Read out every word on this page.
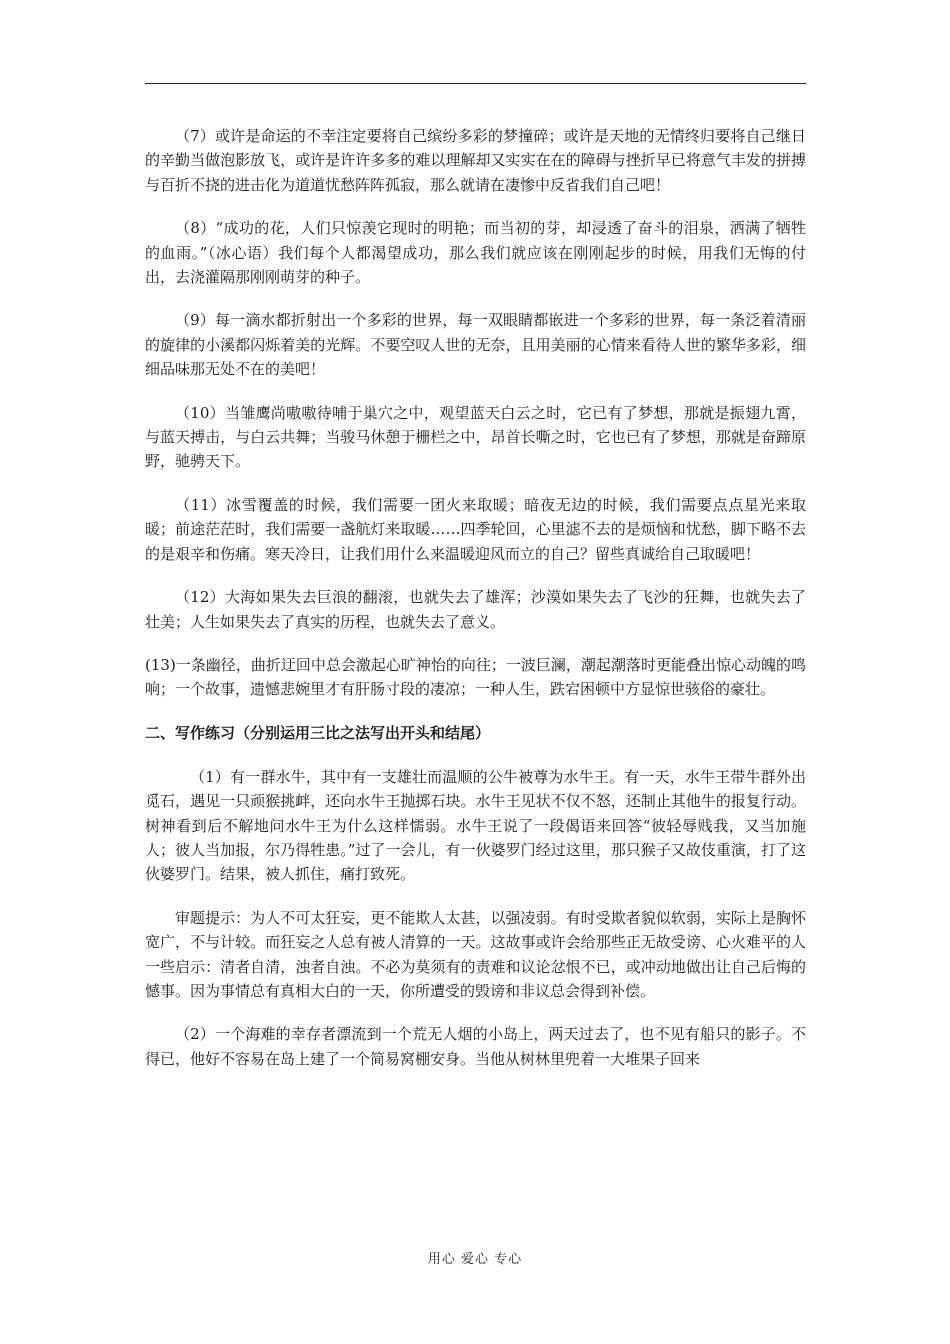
（7）或许是命运的不幸注定要将自己缤纷多彩的梦撞碎；或许是天地的无情终归要将自己继日的辛勤当做泡影放飞，或许是许许多多的难以理解却又实实在在的障碍与挫折早已将意气丰发的拼搏与百折不挠的进击化为道道忧愁阵阵孤寂，那么就请在凄惨中反省我们自己吧！

（8）“成功的花，人们只惊羡它现时的明艳；而当初的芽，却浸透了奋斗的泪泉，洒满了牺牲的血雨。”（冰心语）我们每个人都渴望成功，那么我们就应该在刚刚起步的时候，用我们无悔的付出，去浇灌隔那刚刚萌芽的种子。

（9）每一滴水都折射出一个多彩的世界，每一双眼睛都嵌进一个多彩的世界，每一条泛着清丽的旋律的小溪都闪烁着美的光辉。不要空叹人世的无奈，且用美丽的心情来看待人世的繁华多彩，细细品味那无处不在的美吧！

（10）当雏鹰尚嗷嗷待哺于巢穴之中，观望蓝天白云之时，它已有了梦想，那就是振翅九霄，与蓝天搏击，与白云共舞；当骏马休憩于栅栏之中，昂首长嘶之时，它也已有了梦想，那就是奋蹄原野，驰骋天下。

（11）冰雪覆盖的时候，我们需要一团火来取暖；暗夜无边的时候，我们需要点点星光来取暖；前途茫茫时，我们需要一盏航灯来取暖……四季轮回，心里滤不去的是烦恼和忧愁，脚下略不去的是艰辛和伤痛。寒天冷日，让我们用什么来温暖迎风而立的自己？留些真诚给自己取暖吧！

（12）大海如果失去巨浪的翻滚，也就失去了雄浑；沙漠如果失去了飞沙的狂舞，也就失去了壮美；人生如果失去了真实的历程，也就失去了意义。

(13)一条幽径，曲折迂回中总会激起心旷神怡的向往；一波巨澜，潮起潮落时更能叠出惊心动魄的鸣响；一个故事，遗憾悲婉里才有肝肠寸段的凄凉；一种人生，跌宕困顿中方显惊世骇俗的豪壮。

二、写作练习（分别运用三比之法写出开头和结尾）

（1）有一群水牛，其中有一支雄壮而温顺的公牛被尊为水牛王。有一天，水牛王带牛群外出觅石，遇见一只顽猴挑衅，还向水牛王抛掷石块。水牛王见状不仅不怒，还制止其他牛的报复行动。树神看到后不解地问水牛王为什么这样懦弱。水牛王说了一段偈语来回答“彼轻辱贱我，又当加施人；彼人当加报，尔乃得牲患。”过了一会儿，有一伙婆罗门经过这里，那只猴子又故伎重演，打了这伙婆罗门。结果，被人抓住，痛打致死。

审题提示：为人不可太狂妄，更不能欺人太甚，以强凌弱。有时受欺者貌似软弱，实际上是胸怀宽广，不与计较。而狂妄之人总有被人清算的一天。这故事或许会给那些正无故受谤、心火难平的人一些启示：清者自清，浊者自浊。不必为莫须有的责难和议论忿恨不已，或冲动地做出让自己后悔的憾事。因为事情总有真相大白的一天，你所遭受的毁谤和非议总会得到补偿。

（2）一个海难的幸存者漂流到一个荒无人烟的小岛上，两天过去了，也不见有船只的影子。不得已，他好不容易在岛上建了一个简易窝棚安身。当他从树林里兜着一大堆果子回来

用心 爱心 专心
